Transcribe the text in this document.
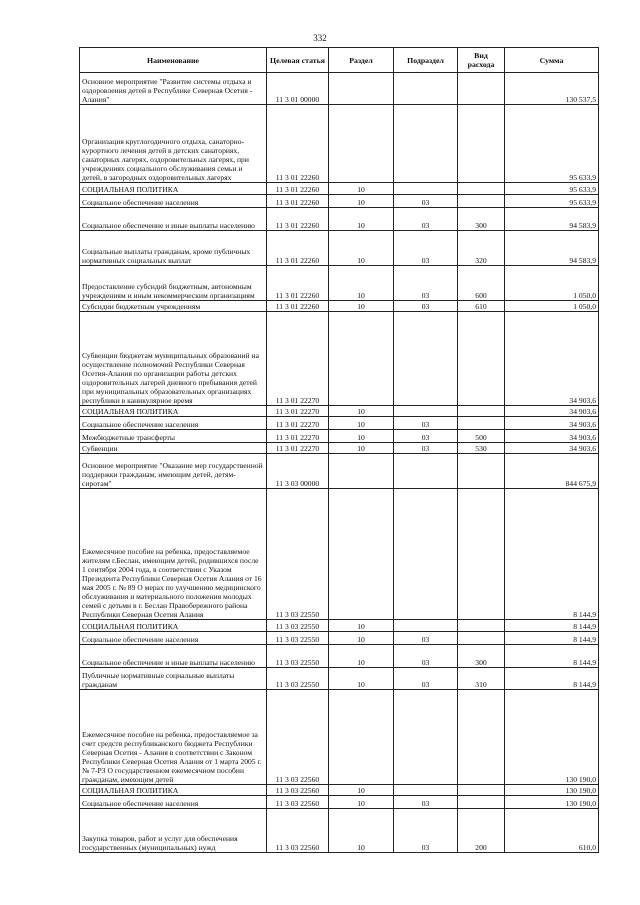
332
Наименование	Целевая статья	Раздел	Подраздел	Вид расхода	Сумма
Основное мероприятие "Развитие системы отдыха и оздоровления детей в Республике Северная Осетия - Алания"	11 3 01 00000				130 537,5
Организация круглогодичного отдыха, санаторно-курортного лечения детей в детских санаториях, санаторных лагерях, оздоровительных лагерях, при учреждениях социального обслуживания семьи и детей, в загородных оздоровительных лагерях	11 3 01 22260				95 633,9
СОЦИАЛЬНАЯ ПОЛИТИКА	11 3 01 22260	10			95 633,9
Социальное обеспечение населения	11 3 01 22260	10	03		95 633,9
Социальное обеспечение и иные выплаты населению	11 3 01 22260	10	03	300	94 583,9
Социальные выплаты гражданам, кроме публичных нормативных социальных выплат	11 3 01 22260	10	03	320	94 583,9
Предоставление субсидий бюджетным, автономным учреждениям и иным некоммерческим организациям	11 3 01 22260	10	03	600	1 050,0
Субсидии бюджетным учреждениям	11 3 01 22260	10	03	610	1 050,0
Субвенции бюджетам муниципальных образований на осуществление полномочий Республики Северная Осетия-Алания по организации работы детских оздоровительных лагерей дневного пребывания детей при муниципальных образовательных организациях республики в каникулярное время	11 3 01 22270				34 903,6
СОЦИАЛЬНАЯ ПОЛИТИКА	11 3 01 22270	10			34 903,6
Социальное обеспечение населения	11 3 01 22270	10	03		34 903,6
Межбюджетные трансферты	11 3 01 22270	10	03	500	34 903,6
Субвенции	11 3 01 22270	10	03	530	34 903,6
Основное мероприятие "Оказание мер государственной поддержки гражданам, имеющим детей, детям-сиротам"	11 3 03 00000				844 675,9
Ежемесячное пособие на ребенка, предоставляемое жителям г.Беслан, имеющим детей, родившихся после 1 сентября 2004 года, в соответствии с Указом Президента Республики Северная Осетия Алания от 16 мая 2005 г. № 89 О мерах по улучшению медицинского обслуживания и материального положения молодых семей с детьми в г. Беслан Правобережного района Республики Северная Осетия Алания	11 3 03 22550				8 144,9
СОЦИАЛЬНАЯ ПОЛИТИКА	11 3 03 22550	10			8 144,9
Социальное обеспечение населения	11 3 03 22550	10	03		8 144,9
Социальное обеспечение и иные выплаты населению	11 3 03 22550	10	03	300	8 144,9
Публичные нормативные социальные выплаты гражданам	11 3 03 22550	10	03	310	8 144,9
Ежемесячное пособие на ребенка, предоставляемое за счет средств республиканского бюджета Республики Северная Осетия - Алания в соответствии с Законом Республики Северная Осетия Алания от 1 марта 2005 г. № 7-РЗ О государственном ежемесячном пособии гражданам, имеющим детей	11 3 03 22560				130 190,0
СОЦИАЛЬНАЯ ПОЛИТИКА	11 3 03 22560	10			130 190,0
Социальное обеспечение населения	11 3 03 22560	10	03		130 190,0
Закупка товаров, работ и услуг для обеспечения государственных (муниципальных) нужд	11 3 03 22560	10	03	200	610,0
